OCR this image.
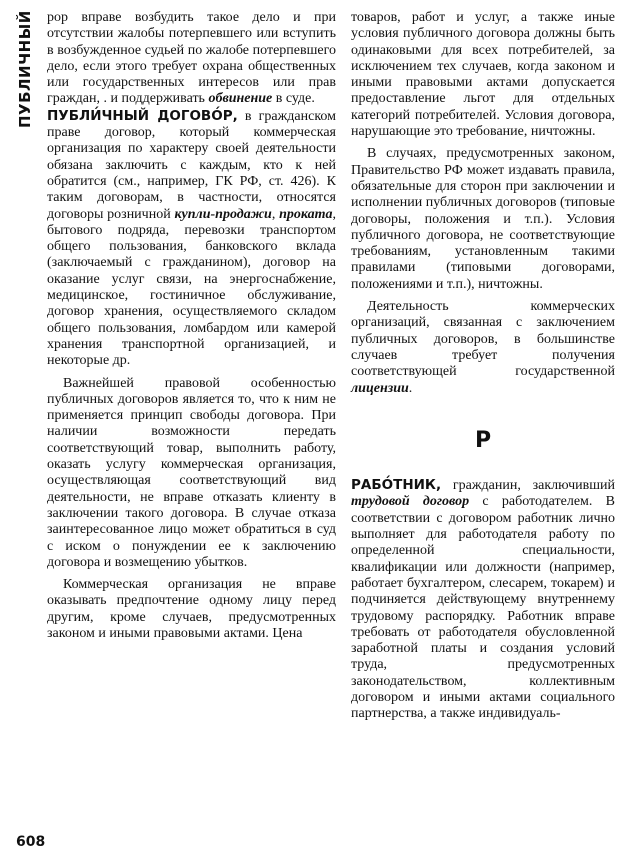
ПУБЛИЧНЫЙ
608

рор вправе возбудить такое дело и при отсутствии жалобы потерпевшего или вступить в возбужденное судьей по жалобе потерпевшего дело, если этого требует охрана общественных или государственных интересов или прав граждан, . и поддерживать обвинение в суде.

ПУБЛИ́ЧНЫЙ ДОГОВО́Р, в гражданском праве договор, который коммерческая организация по характеру своей деятельности обязана заключить с каждым, кто к ней обратится (см., например, ГК РФ, ст. 426). К таким договорам, в частности, относятся договоры розничной купли-продажи, проката, бытового подряда, перевозки транспортом общего пользования, банковского вклада (заключаемый с гражданином), договор на оказание услуг связи, на энергоснабжение, медицинское, гостиничное обслуживание, договор хранения, осуществляемого складом общего пользования, ломбардом или камерой хранения транспортной организацией, и некоторые др.

Важнейшей правовой особенностью публичных договоров является то, что к ним не применяется принцип свободы договора. При наличии возможности передать соответствующий товар, выполнить работу, оказать услугу коммерческая организация, осуществляющая соответствующий вид деятельности, не вправе отказать клиенту в заключении такого договора. В случае отказа заинтересованное лицо может обратиться в суд с иском о понуждении ее к заключению договора и возмещению убытков.

Коммерческая организация не вправе оказывать предпочтение одному лицу перед другим, кроме случаев, предусмотренных законом и иными правовыми актами. Цена

товаров, работ и услуг, а также иные условия публичного договора должны быть одинаковыми для всех потребителей, за исключением тех случаев, когда законом и иными правовыми актами допускается предоставление льгот для отдельных категорий потребителей. Условия договора, нарушающие это требование, ничтожны.

В случаях, предусмотренных законом, Правительство РФ может издавать правила, обязательные для сторон при заключении и исполнении публичных договоров (типовые договоры, положения и т.п.). Условия публичного договора, не соответствующие требованиям, установленным такими правилами (типовыми договорами, положениями и т.п.), ничтожны.

Деятельность коммерческих организаций, связанная с заключением публичных договоров, в большинстве случаев требует получения соответствующей государственной лицензии.

Р

РАБО́ТНИК, гражданин, заключивший трудовой договор с работодателем. В соответствии с договором работник лично выполняет для работодателя работу по определенной специальности, квалификации или должности (например, работает бухгалтером, слесарем, токарем) и подчиняется действующему внутреннему трудовому распорядку. Работник вправе требовать от работодателя обусловленной заработной платы и создания условий труда, предусмотренных законодательством, коллективным договором и иными актами социального партнерства, а также индивидуаль-
